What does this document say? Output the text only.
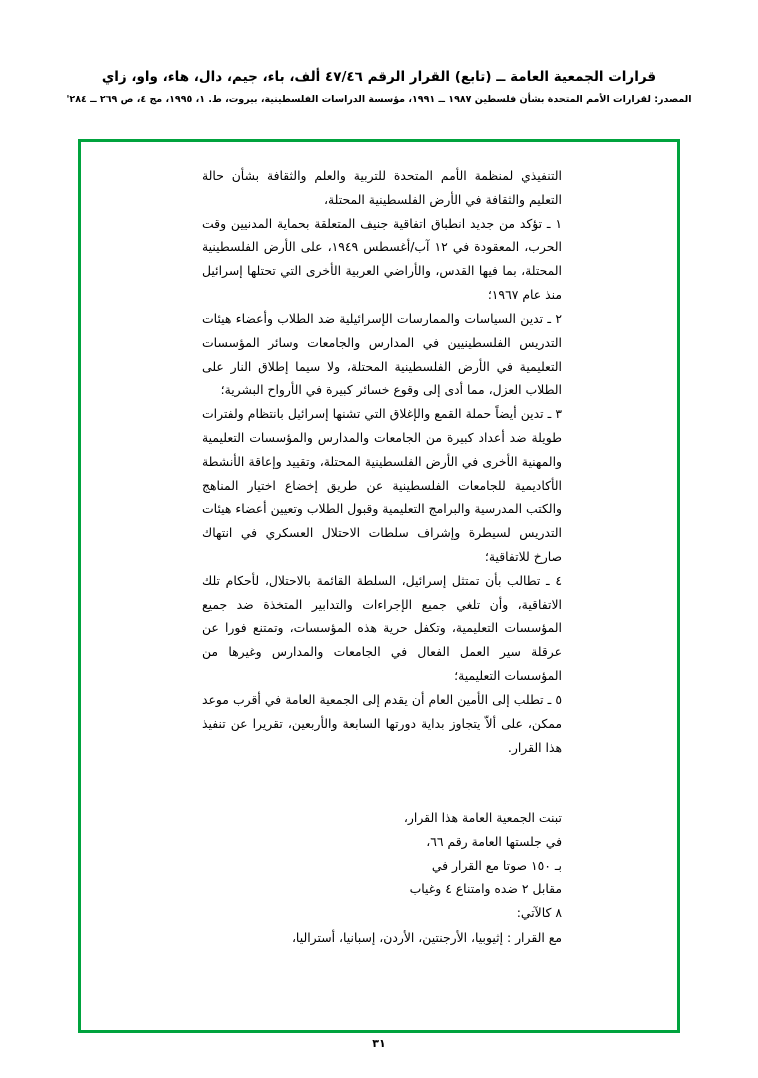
قرارات الجمعية العامة ــ (تابع) القرار الرقم ٤٧/٤٦ ألف، باء، جيم، دال، هاء، واو، زاي
المصدر: لقرارات الأمم المتحدة بشأن فلسطين ١٩٨٧ ــ ١٩٩١، مؤسسة الدراسات الفلسطينية، بيروت، ط. ١، ١٩٩٥، مج ٤، ص ٢٦٩ ــ ٢٨٤'

التنفيذي لمنظمة الأمم المتحدة للتربية والعلم والثقافة بشأن حالة التعليم والثقافة في الأرض الفلسطينية المحتلة،

١ ـ تؤكد من جديد انطباق اتفاقية جنيف المتعلقة بحماية المدنيين وقت الحرب، المعقودة في ١٢ آب/أغسطس ١٩٤٩، على الأرض الفلسطينية المحتلة، بما فيها القدس، والأراضي العربية الأخرى التي تحتلها إسرائيل منذ عام ١٩٦٧؛

٢ ـ تدين السياسات والممارسات الإسرائيلية ضد الطلاب وأعضاء هيئات التدريس الفلسطينيين في المدارس والجامعات وسائر المؤسسات التعليمية في الأرض الفلسطينية المحتلة، ولا سيما إطلاق النار على الطلاب العزل، مما أدى إلى وقوع خسائر كبيرة في الأرواح البشرية؛

٣ ـ تدين أيضاً حملة القمع والإغلاق التي تشنها إسرائيل بانتظام ولفترات طويلة ضد أعداد كبيرة من الجامعات والمدارس والمؤسسات التعليمية والمهنية الأخرى في الأرض الفلسطينية المحتلة، وتقييد وإعاقة الأنشطة الأكاديمية للجامعات الفلسطينية عن طريق إخضاع اختيار المناهج والكتب المدرسية والبرامج التعليمية وقبول الطلاب وتعيين أعضاء هيئات التدريس لسيطرة وإشراف سلطات الاحتلال العسكري في انتهاك صارخ للاتفاقية؛

٤ ـ تطالب بأن تمتثل إسرائيل، السلطة القائمة بالاحتلال، لأحكام تلك الاتفاقية، وأن تلغي جميع الإجراءات والتدابير المتخذة ضد جميع المؤسسات التعليمية، وتكفل حرية هذه المؤسسات، وتمتنع فورا عن عرقلة سير العمل الفعال في الجامعات والمدارس وغيرها من المؤسسات التعليمية؛

٥ ـ تطلب إلى الأمين العام أن يقدم إلى الجمعية العامة في أقرب موعد ممكن، على ألاّ يتجاوز بداية دورتها السابعة والأربعين، تقريرا عن تنفيذ هذا القرار.

تبنت الجمعية العامة هذا القرار،
في جلستها العامة رقم ٦٦،
بـ ١٥٠ صوتا مع القرار في
مقابل ٢ ضده وامتناع ٤ وغياب
٨ كالآتي:
مع القرار : إثيوبيا، الأرجنتين، الأردن، إسبانيا، أستراليا،
٣١
